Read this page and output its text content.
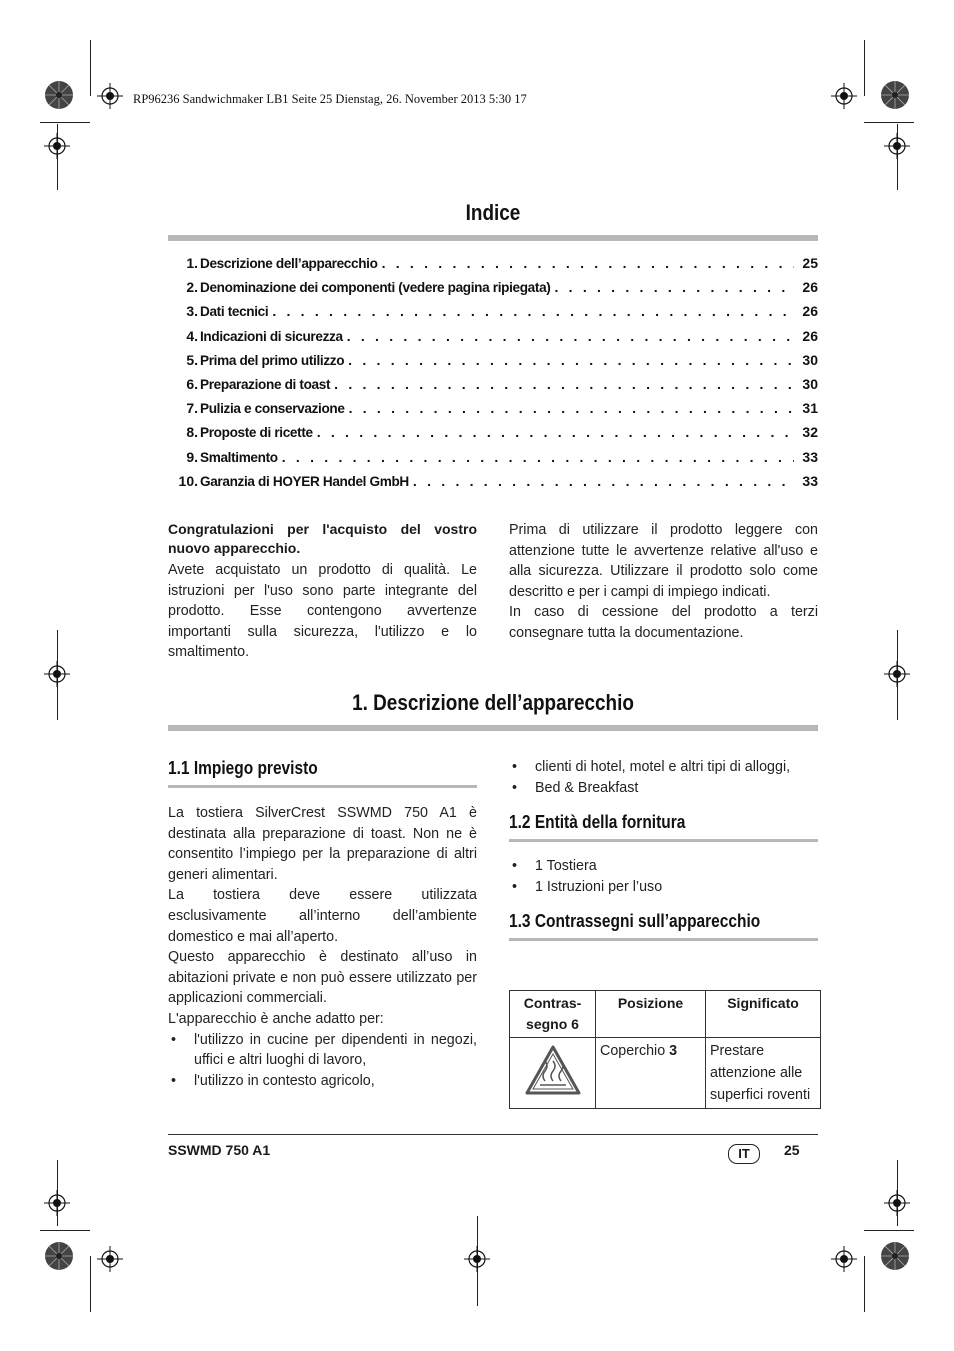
RP96236 Sandwichmaker LB1 Seite 25 Dienstag, 26. November 2013 5:30 17
Indice
1. Descrizione dell’apparecchio . . .	25
2. Denominazione dei componenti (vedere pagina ripiegata) . . .	26
3. Dati tecnici . . .	26
4. Indicazioni di sicurezza . . .	26
5. Prima del primo utilizzo . . .	30
6. Preparazione di toast . . .	30
7. Pulizia e conservazione . . .	31
8. Proposte di ricette . . .	32
9. Smaltimento . . .	33
10. Garanzia di HOYER Handel GmbH . . .	33

Congratulazioni per l'acquisto del vostro nuovo apparecchio.

Avete acquistato un prodotto di qualità. Le istruzioni per l'uso sono parte integrante del prodotto. Esse contengono avvertenze importanti sulla sicurezza, l'utilizzo e lo smaltimento.

Prima di utilizzare il prodotto leggere con attenzione tutte le avvertenze relative all'uso e alla sicurezza. Utilizzare il prodotto solo come descritto e per i campi di impiego indicati.

In caso di cessione del prodotto a terzi consegnare tutta la documentazione.

1. Descrizione dell’apparecchio
1.1 Impiego previsto

La tostiera SilverCrest SSWMD 750 A1 è destinata alla preparazione di toast. Non ne è consentito l’impiego per la preparazione di altri generi alimentari.

La tostiera deve essere utilizzata esclusivamente all’interno dell’ambiente domestico e mai all’aperto.

Questo apparecchio è destinato all’uso in abitazioni private e non può essere utilizzato per applicazioni commerciali.

L'apparecchio è anche adatto per:

• l'utilizzo in cucine per dipendenti in negozi, uffici e altri luoghi di lavoro,
• l'utilizzo in contesto agricolo,
• clienti di hotel, motel e altri tipi di alloggi,
• Bed & Breakfast
1.2 Entità della fornitura
• 1 Tostiera
• 1 Istruzioni per l’uso
1.3 Contrassegni sull’apparecchio
Contras-
segno 6	Posizione	Significato
	Coperchio 3	Prestare attenzione alle superfici roventi
SSWMD 750 A1	IT	25
